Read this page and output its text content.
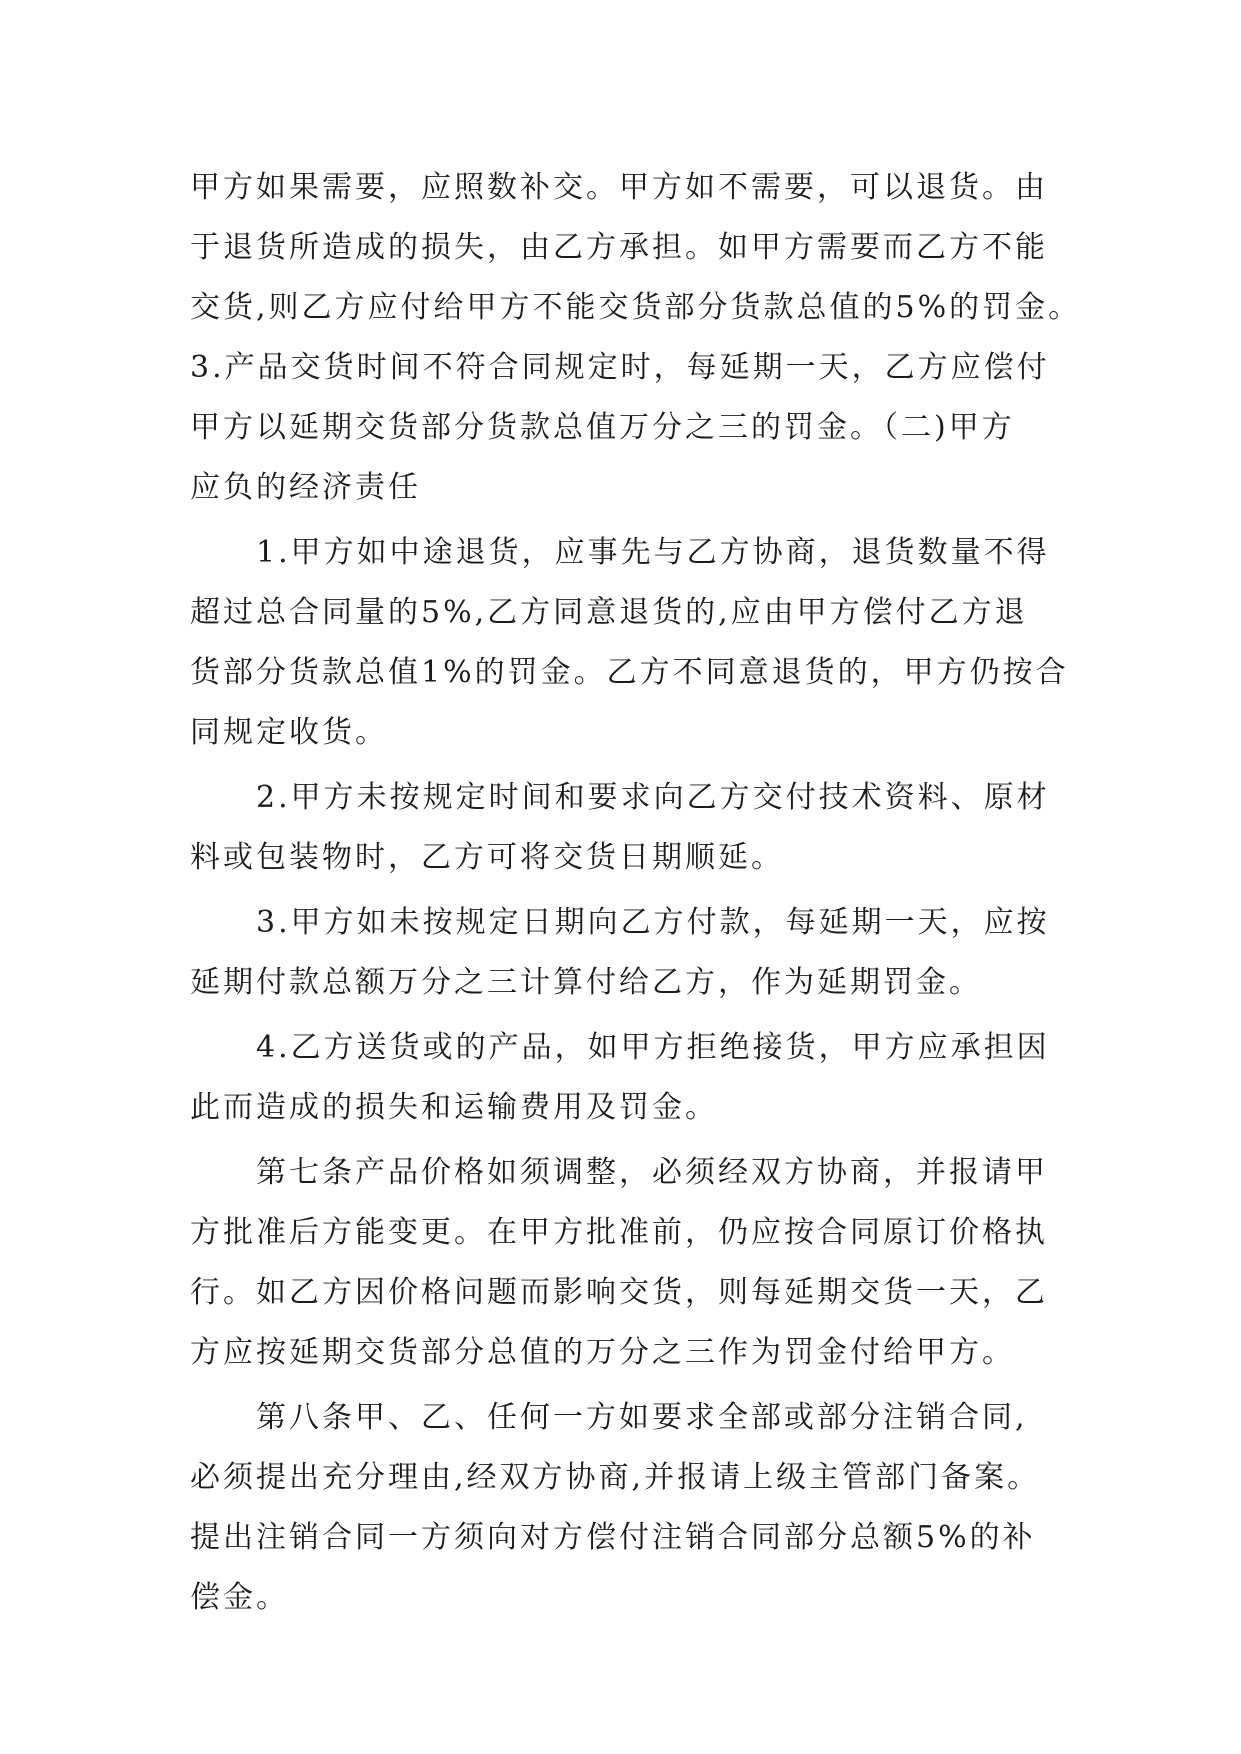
甲方如果需要，应照数补交。甲方如不需要，可以退货。由
于退货所造成的损失，由乙方承担。如甲方需要而乙方不能
交货,则乙方应付给甲方不能交货部分货款总值的5%的罚金。
3.产品交货时间不符合同规定时，每延期一天，乙方应偿付
甲方以延期交货部分货款总值万分之三的罚金。（二)甲方
应负的经济责任
1.甲方如中途退货，应事先与乙方协商，退货数量不得
超过总合同量的5%,乙方同意退货的,应由甲方偿付乙方退
货部分货款总值1%的罚金。乙方不同意退货的，甲方仍按合
同规定收货。
2.甲方未按规定时间和要求向乙方交付技术资料、原材
料或包装物时，乙方可将交货日期顺延。
3.甲方如未按规定日期向乙方付款，每延期一天，应按
延期付款总额万分之三计算付给乙方，作为延期罚金。
4.乙方送货或的产品，如甲方拒绝接货，甲方应承担因
此而造成的损失和运输费用及罚金。
第七条产品价格如须调整，必须经双方协商，并报请甲
方批准后方能变更。在甲方批准前，仍应按合同原订价格执
行。如乙方因价格问题而影响交货，则每延期交货一天，乙
方应按延期交货部分总值的万分之三作为罚金付给甲方。
第八条甲、乙、任何一方如要求全部或部分注销合同,
必须提出充分理由,经双方协商,并报请上级主管部门备案。
提出注销合同一方须向对方偿付注销合同部分总额5%的补
偿金。
